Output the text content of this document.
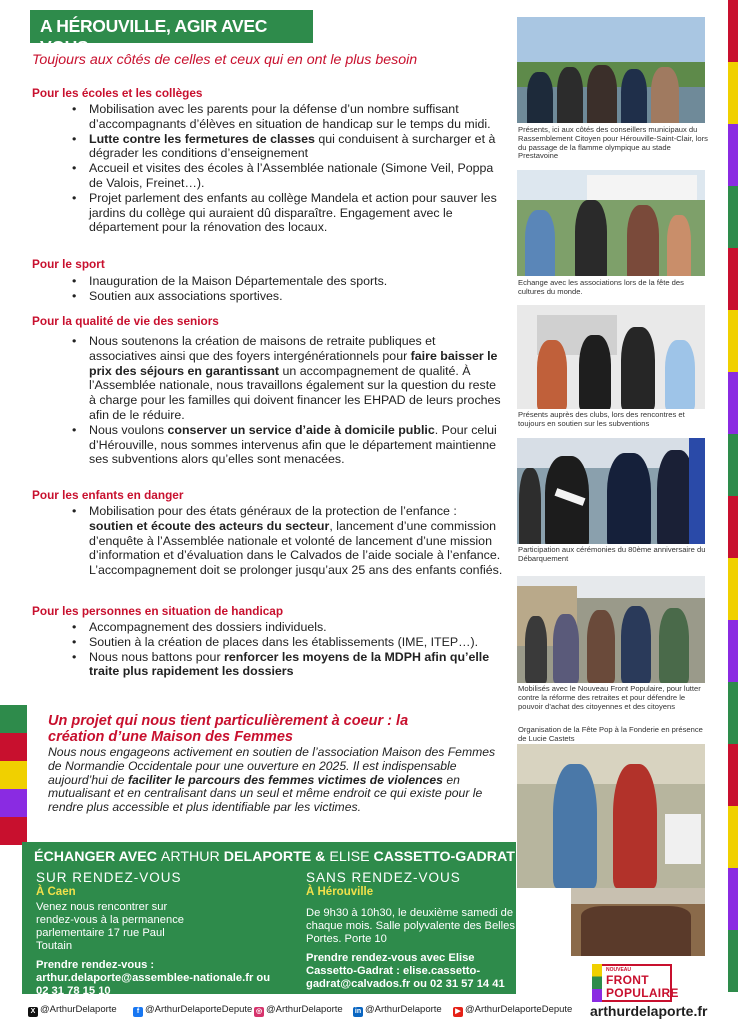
A HÉROUVILLE, AGIR AVEC VOUS
Toujours aux côtés de celles et ceux qui en ont le plus besoin
Pour les écoles et les collèges
• Mobilisation avec les parents pour la défense d’un nombre suffisant d’accompagnants d’élèves en situation de handicap sur le temps du midi.
• Lutte contre les fermetures de classes qui conduisent à surcharger et à dégrader les conditions d’enseignement
• Accueil et visites des écoles à l’Assemblée nationale (Simone Veil, Poppa de Valois, Freinet…).
• Projet parlement des enfants au collège Mandela et action pour sauver les jardins du collège qui auraient dû disparaître. Engagement avec le département pour la rénovation des locaux.
Pour le sport
• Inauguration de la Maison Départementale des sports.
• Soutien aux associations sportives.
Pour la qualité de vie des seniors
• Nous soutenons la création de maisons de retraite publiques et associatives ainsi que des foyers intergénérationnels pour faire baisser le prix des séjours en garantissant un accompagnement de qualité. À l’Assemblée nationale, nous travaillons également sur la question du reste à charge pour les familles qui doivent financer les EHPAD de leurs proches afin de le réduire.
• Nous voulons conserver un service d’aide à domicile public. Pour celui d’Hérouville, nous sommes intervenus afin que le département maintienne ses subventions alors qu’elles sont menacées.
Pour les enfants en danger
• Mobilisation pour des états généraux de la protection de l’enfance : soutien et écoute des acteurs du secteur, lancement d’une commission d’enquête à l’Assemblée nationale et volonté de lancement d’une mission d’information et d’évaluation dans le Calvados de l’aide sociale à l’enfance. L’accompagnement doit se prolonger jusqu’aux 25 ans des enfants confiés.
Pour les personnes en situation de handicap
• Accompagnement des dossiers individuels.
• Soutien à la création de places dans les établissements (IME, ITEP…).
• Nous nous battons pour renforcer les moyens de la MDPH afin qu’elle traite plus rapidement les dossiers
Un projet qui nous tient particulièrement à coeur : la création d’une Maison des Femmes
Nous nous engageons activement en soutien de l’association Maison des Femmes de Normandie Occidentale pour une ouverture en 2025. Il est indispensable aujourd’hui de faciliter le parcours des femmes victimes de violences en mutualisant et en centralisant dans un seul et même endroit ce qui existe pour le rendre plus accessible et plus identifiable par les victimes.
ÉCHANGER AVEC ARTHUR DELAPORTE & ELISE CASSETTO-GADRAT
SUR RENDEZ-VOUS
À Caen
Venez nous rencontrer sur rendez-vous à la permanence parlementaire 17 rue Paul Toutain
Prendre rendez-vous : arthur.delaporte@assemblee-nationale.fr ou 02 31 78 15 10
SANS RENDEZ-VOUS
À Hérouville
De 9h30 à 10h30, le deuxième samedi de chaque mois. Salle polyvalente des Belles Portes. Porte 10
Prendre rendez-vous avec Elise Cassetto-Gadrat : elise.cassetto-gadrat@calvados.fr ou 02 31 57 14 41
Présents, ici aux côtés des conseillers municipaux du Rassemblement Citoyen pour Hérouville-Saint-Clair, lors du passage de la flamme olympique au stade Prestavoine
Echange avec les associations lors de la fête des cultures du monde.
Présents auprès des clubs, lors des rencontres et toujours en soutien sur les subventions
Participation aux cérémonies du 80ème anniversaire du Débarquement
Mobilisés avec le Nouveau Front Populaire, pour lutter contre la réforme des retraites et pour défendre le pouvoir d’achat des citoyennes et des citoyens
Organisation de la Fête Pop à la Fonderie en présence de Lucie Castets
NOUVEAU
FRONT
POPULAIRE
X @ArthurDelaporte	f @ArthurDelaporteDepute ◎ @ArthurDelaporte in @ArthurDelaporte	▶ @ArthurDelaporteDepute arthurdelaporte.fr
